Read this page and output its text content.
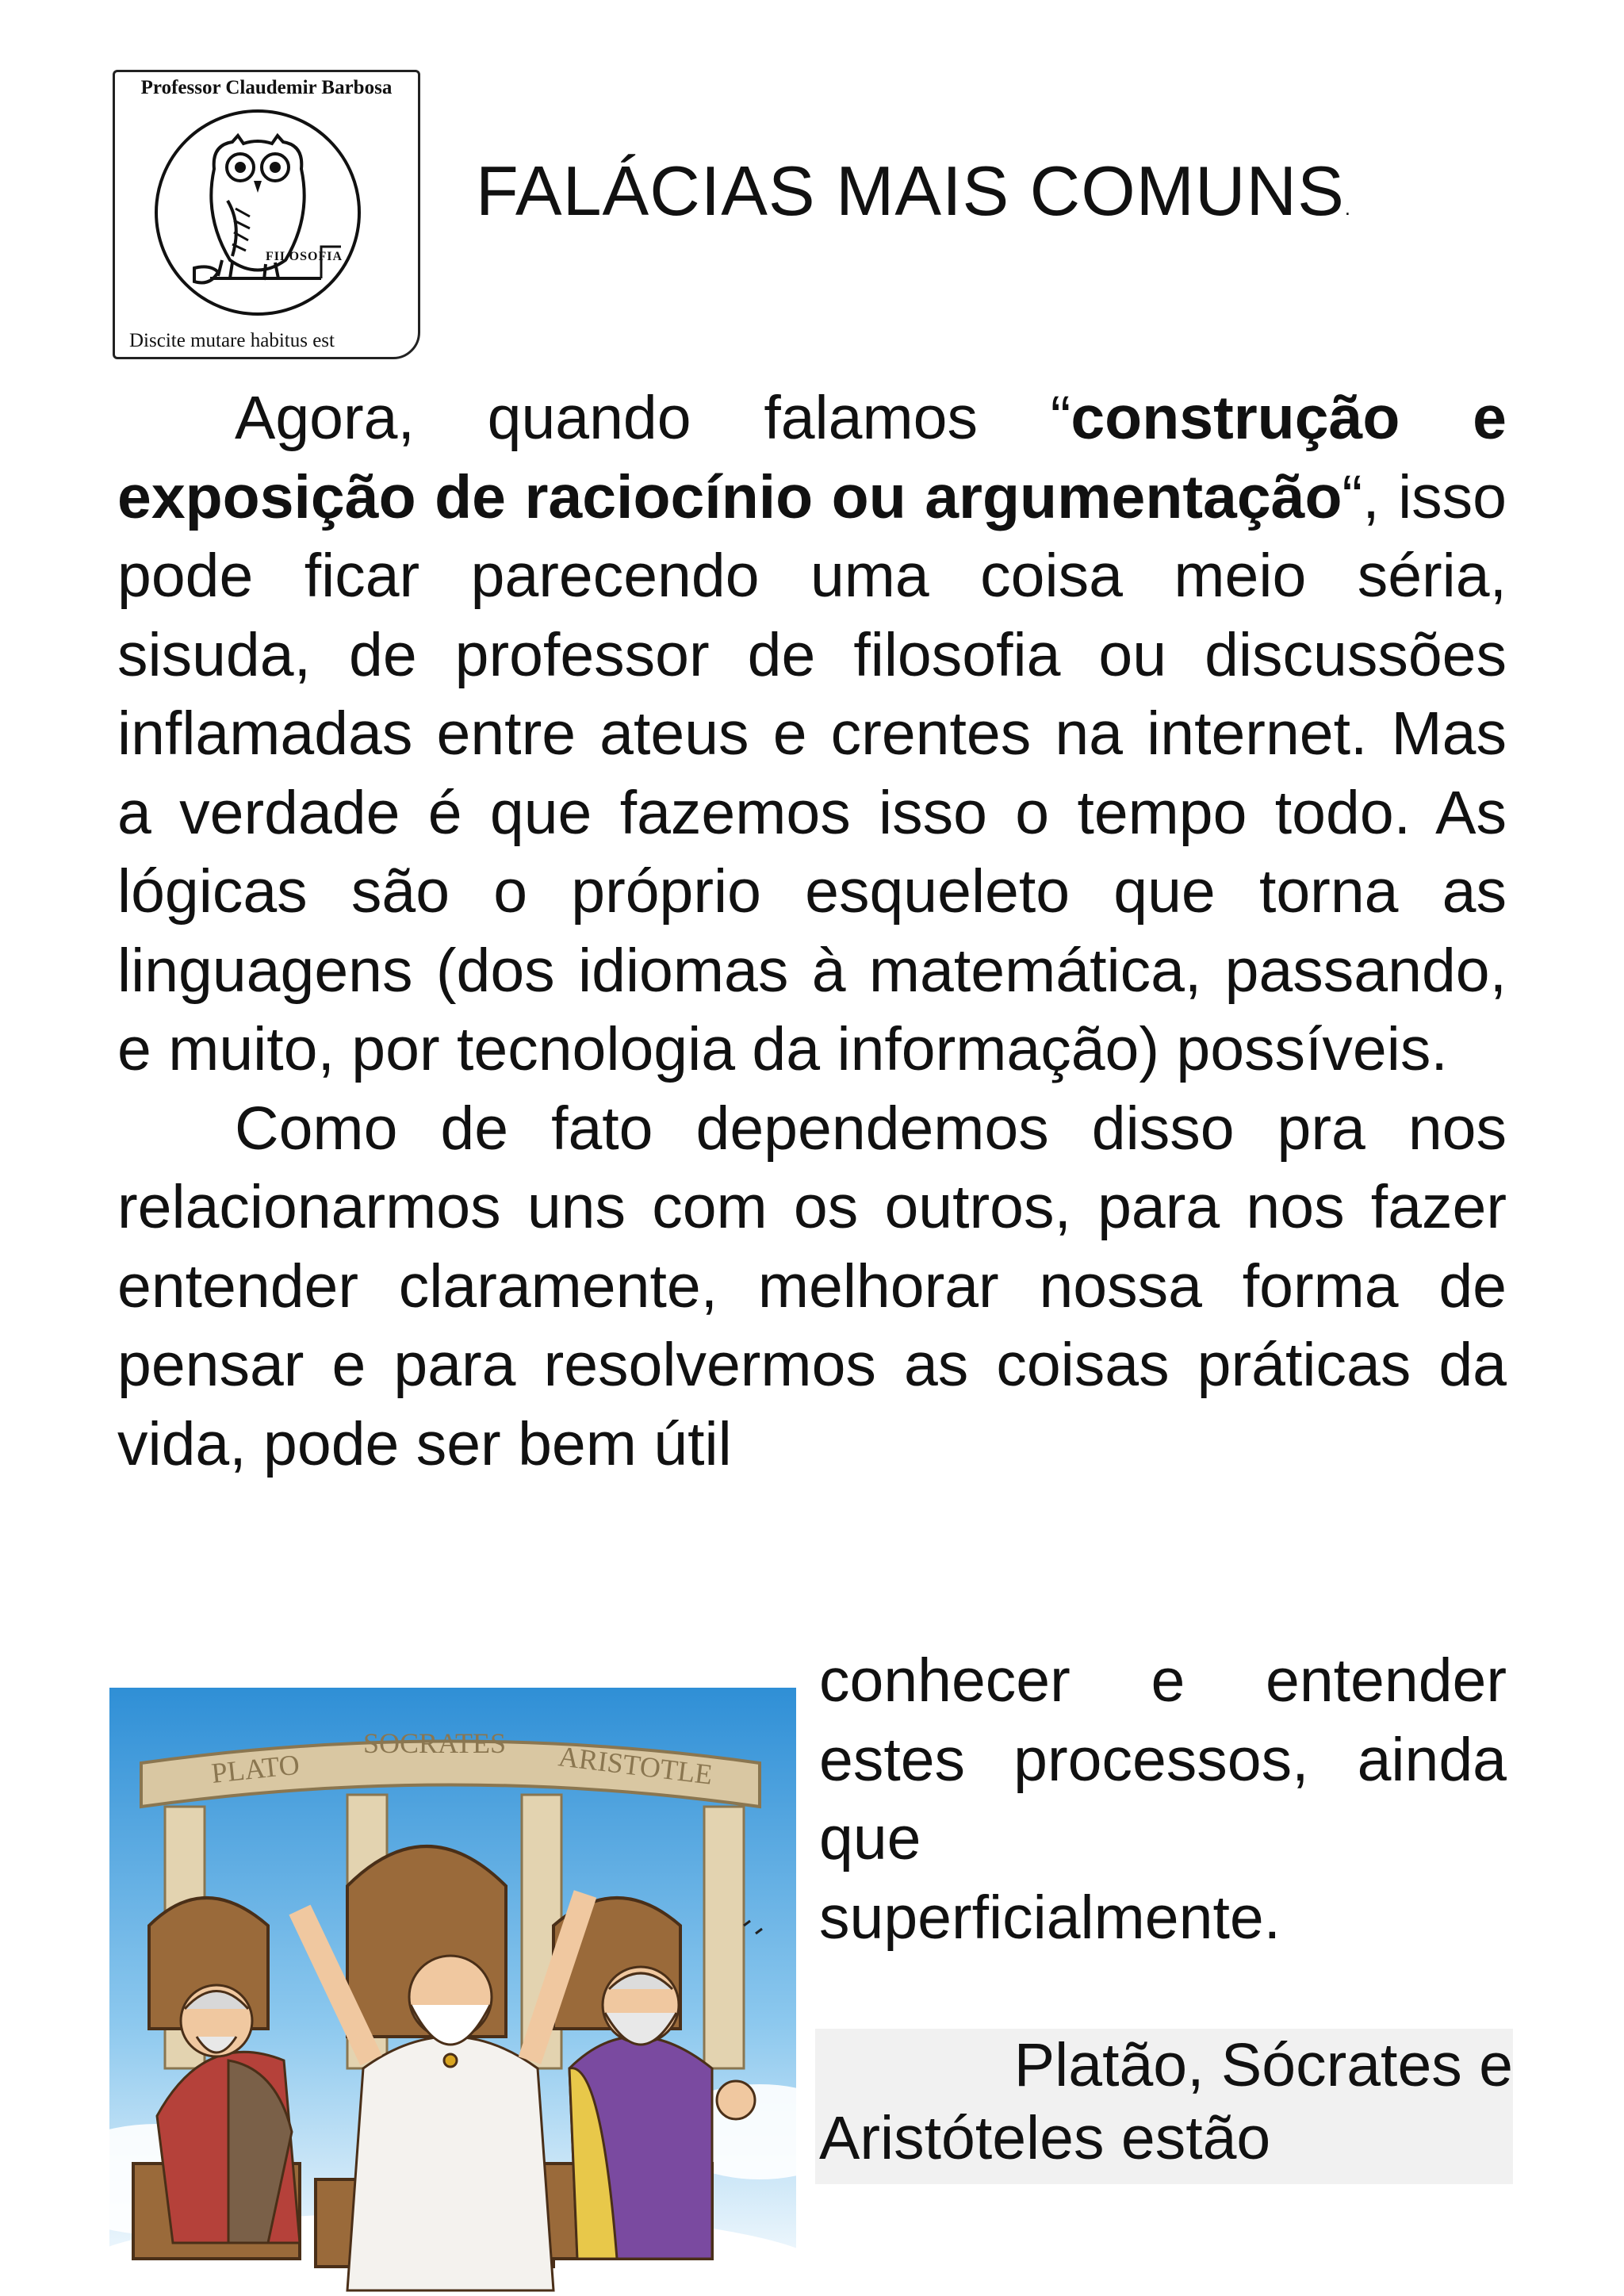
Professor Claudemir Barbosa
FILOSOFIA
Discite mutare habitus est
FALÁCIAS MAIS COMUNS.

Agora, quando falamos “construção e exposição de raciocínio ou argumentação“, isso pode ficar parecendo uma coisa meio séria, sisuda, de professor de filosofia ou discussões inflamadas entre ateus e crentes na internet. Mas a verdade é que fazemos isso o tempo todo. As lógicas são o próprio esqueleto que torna as linguagens (dos idiomas à matemática, passando, e muito, por tecnologia da informação) possíveis.

Como de fato dependemos disso pra nos relacionarmos uns com os outros, para nos fazer entender claramente, melhorar nossa forma de pensar e para resolvermos as coisas práticas da vida, pode ser bem útil

conhecer e entender estes processos, ainda que
superficialmente.
Platão, Sócrates e
Aristóteles estão
PLATO
SOCRATES ARISTOTLE
